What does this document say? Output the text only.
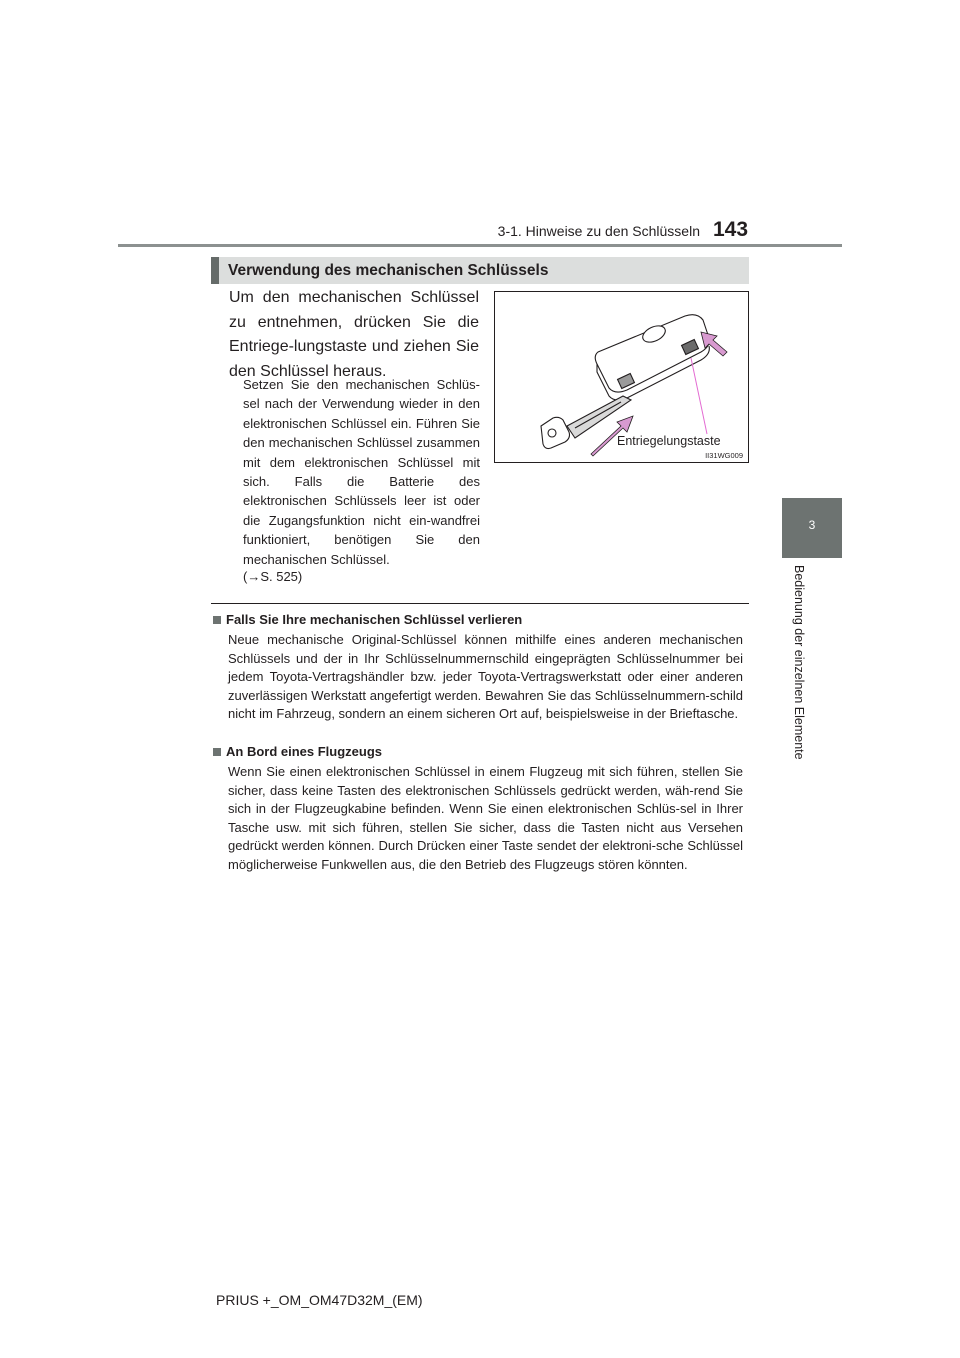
3-1. Hinweise zu den Schlüsseln 143
3
Bedienung der einzelnen Elemente
Verwendung des mechanischen Schlüssels
Um den mechanischen Schlüssel zu entnehmen, drücken Sie die Entriege-lungstaste und ziehen Sie den Schlüssel heraus.
Setzen Sie den mechanischen Schlüs-sel nach der Verwendung wieder in den elektronischen Schlüssel ein. Führen Sie den mechanischen Schlüssel zusammen mit dem elektronischen Schlüssel mit sich. Falls die Batterie des elektronischen Schlüssels leer ist oder die Zugangsfunktion nicht ein-wandfrei funktioniert, benötigen Sie den mechanischen Schlüssel.
(→S. 525)
Entriegelungstaste
II31WG009
Falls Sie Ihre mechanischen Schlüssel verlieren
Neue mechanische Original-Schlüssel können mithilfe eines anderen mechanischen Schlüssels und der in Ihr Schlüsselnummernschild eingeprägten Schlüsselnummer bei jedem Toyota-Vertragshändler bzw. jeder Toyota-Vertragswerkstatt oder einer anderen zuverlässigen Werkstatt angefertigt werden. Bewahren Sie das Schlüsselnummern-schild nicht im Fahrzeug, sondern an einem sicheren Ort auf, beispielsweise in der Brieftasche.
An Bord eines Flugzeugs
Wenn Sie einen elektronischen Schlüssel in einem Flugzeug mit sich führen, stellen Sie sicher, dass keine Tasten des elektronischen Schlüssels gedrückt werden, wäh-rend Sie sich in der Flugzeugkabine befinden. Wenn Sie einen elektronischen Schlüs-sel in Ihrer Tasche usw. mit sich führen, stellen Sie sicher, dass die Tasten nicht aus Versehen gedrückt werden können. Durch Drücken einer Taste sendet der elektroni-sche Schlüssel möglicherweise Funkwellen aus, die den Betrieb des Flugzeugs stören könnten.
PRIUS +_OM_OM47D32M_(EM)
